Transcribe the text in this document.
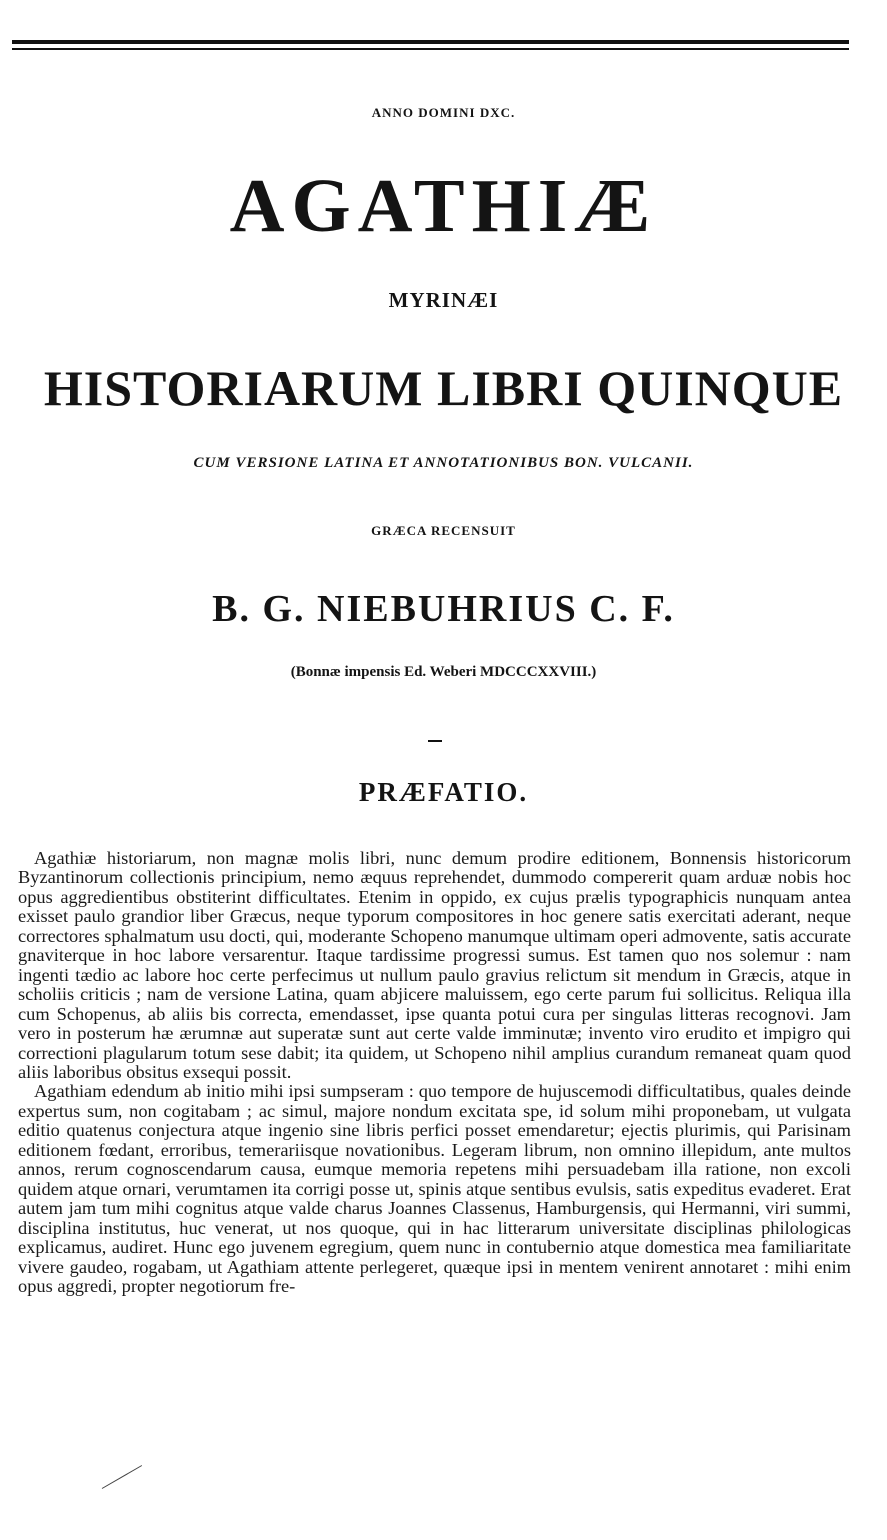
ANNO DOMINI DXC.
AGATHIÆ
MYRINÆI
HISTORIARUM LIBRI QUINQUE
CUM VERSIONE LATINA ET ANNOTATIONIBUS BON. VULCANII.
GRÆCA RECENSUIT
B. G. NIEBUHRIUS C. F.
(Bonnæ impensis Ed. Weberi MDCCCXXVIII.)
PRÆFATIO.

Agathiæ historiarum, non magnæ molis libri, nunc demum prodire editionem, Bonnensis historicorum Byzantinorum collectionis principium, nemo æquus reprehendet, dummodo compererit quam arduæ nobis hoc opus aggredientibus obstiterint difficultates. Etenim in oppido, ex cujus prælis typographicis nunquam antea exisset paulo grandior liber Græcus, neque typorum compositores in hoc genere satis exercitati aderant, neque correctores sphalmatum usu docti, qui, moderante Schopeno manumque ultimam operi admovente, satis accurate gnaviterque in hoc labore versarentur. Itaque tardissime progressi sumus. Est tamen quo nos solemur : nam ingenti tædio ac labore hoc certe perfecimus ut nullum paulo gravius relictum sit mendum in Græcis, atque in scholiis criticis ; nam de versione Latina, quam abjicere maluissem, ego certe parum fui sollicitus. Reliqua illa cum Schopenus, ab aliis bis correcta, emendasset, ipse quanta potui cura per singulas litteras recognovi. Jam vero in posterum hæ ærumnæ aut superatæ sunt aut certe valde imminutæ; invento viro erudito et impigro qui correctioni plagularum totum sese dabit; ita quidem, ut Schopeno nihil amplius curandum remaneat quam quod aliis laboribus obsitus exsequi possit.

Agathiam edendum ab initio mihi ipsi sumpseram : quo tempore de hujuscemodi difficultatibus, quales deinde expertus sum, non cogitabam ; ac simul, majore nondum excitata spe, id solum mihi proponebam, ut vulgata editio quatenus conjectura atque ingenio sine libris perfici posset emendaretur; ejectis plurimis, qui Parisinam editionem fœdant, erroribus, temerariisque novationibus. Legeram librum, non omnino illepidum, ante multos annos, rerum cognoscendarum causa, eumque memoria repetens mihi persuadebam illa ratione, non excoli quidem atque ornari, verumtamen ita corrigi posse ut, spinis atque sentibus evulsis, satis expeditus evaderet. Erat autem jam tum mihi cognitus atque valde charus Joannes Classenus, Hamburgensis, qui Hermanni, viri summi, disciplina institutus, huc venerat, ut nos quoque, qui in hac litterarum universitate disciplinas philologicas explicamus, audiret. Hunc ego juvenem egregium, quem nunc in contubernio atque domestica mea familiaritate vivere gaudeo, rogabam, ut Agathiam attente perlegeret, quæque ipsi in mentem venirent annotaret : mihi enim opus aggredi, propter negotiorum fre-
